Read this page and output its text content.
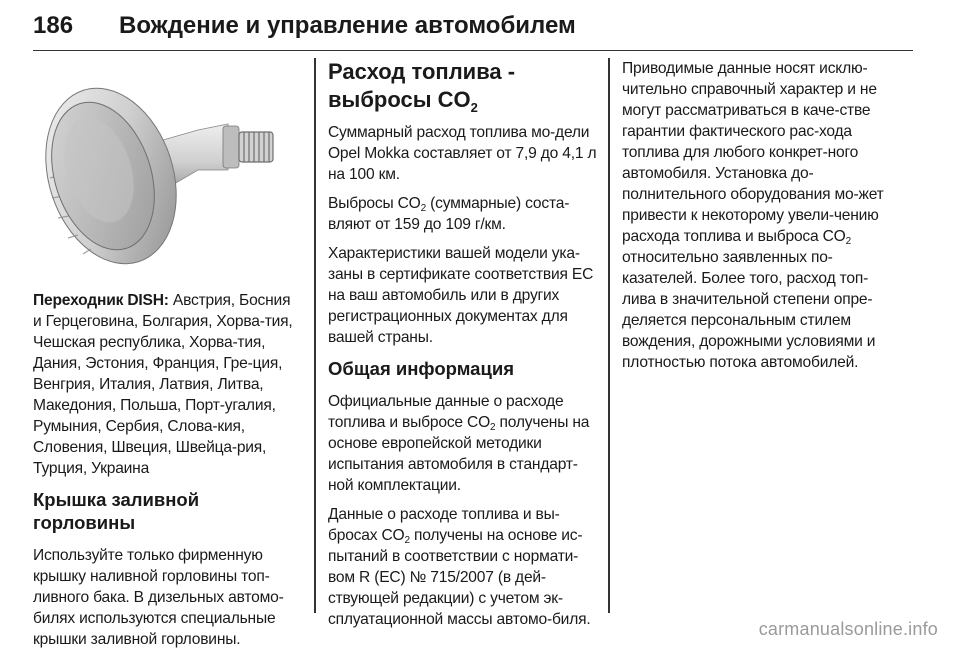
186 Вождение и управление автомобилем

Переходник DISH: Австрия, Босния и Герцеговина, Болгария, Хорва-тия, Чешская республика, Хорва-тия, Дания, Эстония, Франция, Гре-ция, Венгрия, Италия, Латвия, Литва, Македония, Польша, Порт-угалия, Румыния, Сербия, Слова-кия, Словения, Швеция, Швейца-рия, Турция, Украина

Крышка заливной горловины

Используйте только фирменную крышку наливной горловины топ-ливного бака. В дизельных автомо-билях используются специальные крышки заливной горловины.

Расход топлива -
выбросы $CO_2$

Суммарный расход топлива мо-дели Opel Mokka составляет от 7,9 до 4,1 л на 100 км.

Выбросы $CO_2$ (суммарные) соста-вляют от 159 до 109 г/км.

Характеристики вашей модели ука-заны в сертификате соответствия ЕС на ваш автомобиль или в других регистрационных документах для вашей страны.

Общая информация

Официальные данные о расходе топлива и выбросе $CO_2$ получены на основе европейской методики испытания автомобиля в стандарт-ной комплектации.

Данные о расходе топлива и вы-бросах $CO_2$ получены на основе ис-пытаний в соответствии с нормати-вом R (EC) № 715/2007 (в дей-ствующей редакции) с учетом эк-сплуатационной массы автомо-биля.

Приводимые данные носят исклю-чительно справочный характер и не могут рассматриваться в каче-стве гарантии фактического рас-хода топлива для любого конкрет-ного автомобиля. Установка до-полнительного оборудования мо-жет привести к некоторому увели-чению расхода топлива и выброса $CO_2$ относительно заявленных по-казателей. Более того, расход топ-лива в значительной степени опре-деляется персональным стилем вождения, дорожными условиями и плотностью потока автомобилей.

carmanualsonline.info
